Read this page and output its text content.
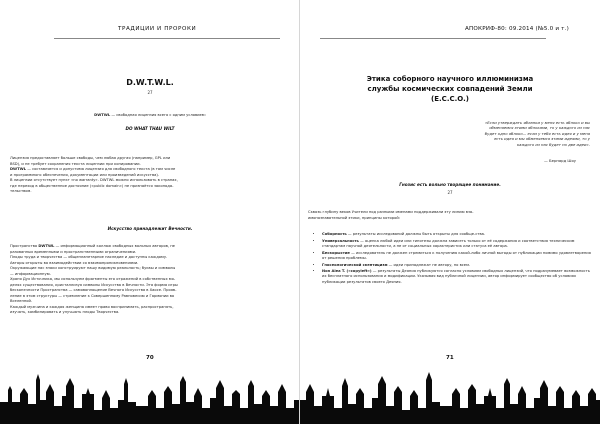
ТРАДИЦИИ И ПРОРОКИ
D.W.T.W.L.
27
DWTWL — свободная лицензия всего с одним условием:
DO WHAT THAU WILT
Лицензия предоставляет больше свободы, чем любая другая (например, GPL или
BSD), и не требует сохранения текста лицензии при копировании.
DWTWL — составляется и допустима лицензия для свободного текста (в том числе
и программного обеспечения, документации или произведений искусства).
В лицензии отсутствует пункт «no warranty». DWTWL можно использовать в странах,
где переход в общественное достояние («public domain») не признаётся законода-
тельством.
Искусство принадлежит Вечности.
Пространство DWTWL — информационный коллаж свободных вольных авторов, не
разованных временными и пространственными ограничениями.
Плоды труда и творчества — общепланетарное наследие и доступны каждому.
Авторы открыты во взаимодействии со взаимопроникновениями.
Окружающие нас знаки конструируют нашу видимую реальность; буквы и символы
— информационную.
Храня Дух Источника, мы используем фрагменты его отражений в собственных мо-
делях существования, кристаллизуя символы Искусства в Вечности. Эта форма игры
бесконечности Пространства — самовоплощение Вечного Искусства в Хаосе. Прояв-
ление в этом структуры — стремление к Совершенному Равновесию и Гармонии во
Вселенной.
Каждый мужчина и каждая женщина имеет право воспринимать, распространять,
изучать, комбинировать и улучшать плоды Творчества.
70
АПОКРИФ-80: 09.2014 (№5.0 и т.)
Этика соборного научного иллюминизма
службы космических совпадений Земли
(E.C.C.O.)
«Если утверждать ябланки у меня есть яблоко и вы
обменяемся этими яблоками, то у каждого из нас
будет одно яблоко... если у тебя есть идея и у меня
есть идея и мы обменяемся этими идеями, то у
каждого из нас будет по две идеи».
— Бернард Шоу
Гнозис есть вольно творящее понимание.
27
Сквозь глубину веков Учители под разными именами поддерживали эту линию вза-
имопознавательной этики, принципы которой:
• Соборность — результаты исследований должны быть открыты для сообще-ства.
• Универсальность — оценка любой идеи или гипотезы должна зависеть только от её содержания и соответствия техническим стандартам научной деятельности, а не от социальных характеристик или статуса её автора.
• Бескорыстие — исследователь не должен стремиться к получению какой-либо личной выгоды от публикации помимо удовлетворения от решения проблемы.
• Гносеологический скептицизм — идеи принадлежат не автору, но всем.
• Non Alea T. («copyleft») — результаты Деяния публикуются согласно условиям свободных лицензий, что подразумевает возможность их бесплатного использования и модификации. Указывая вид публичной лицензии, автор информирует сообщество об условиях публикации результатов своего Деяния.
71
